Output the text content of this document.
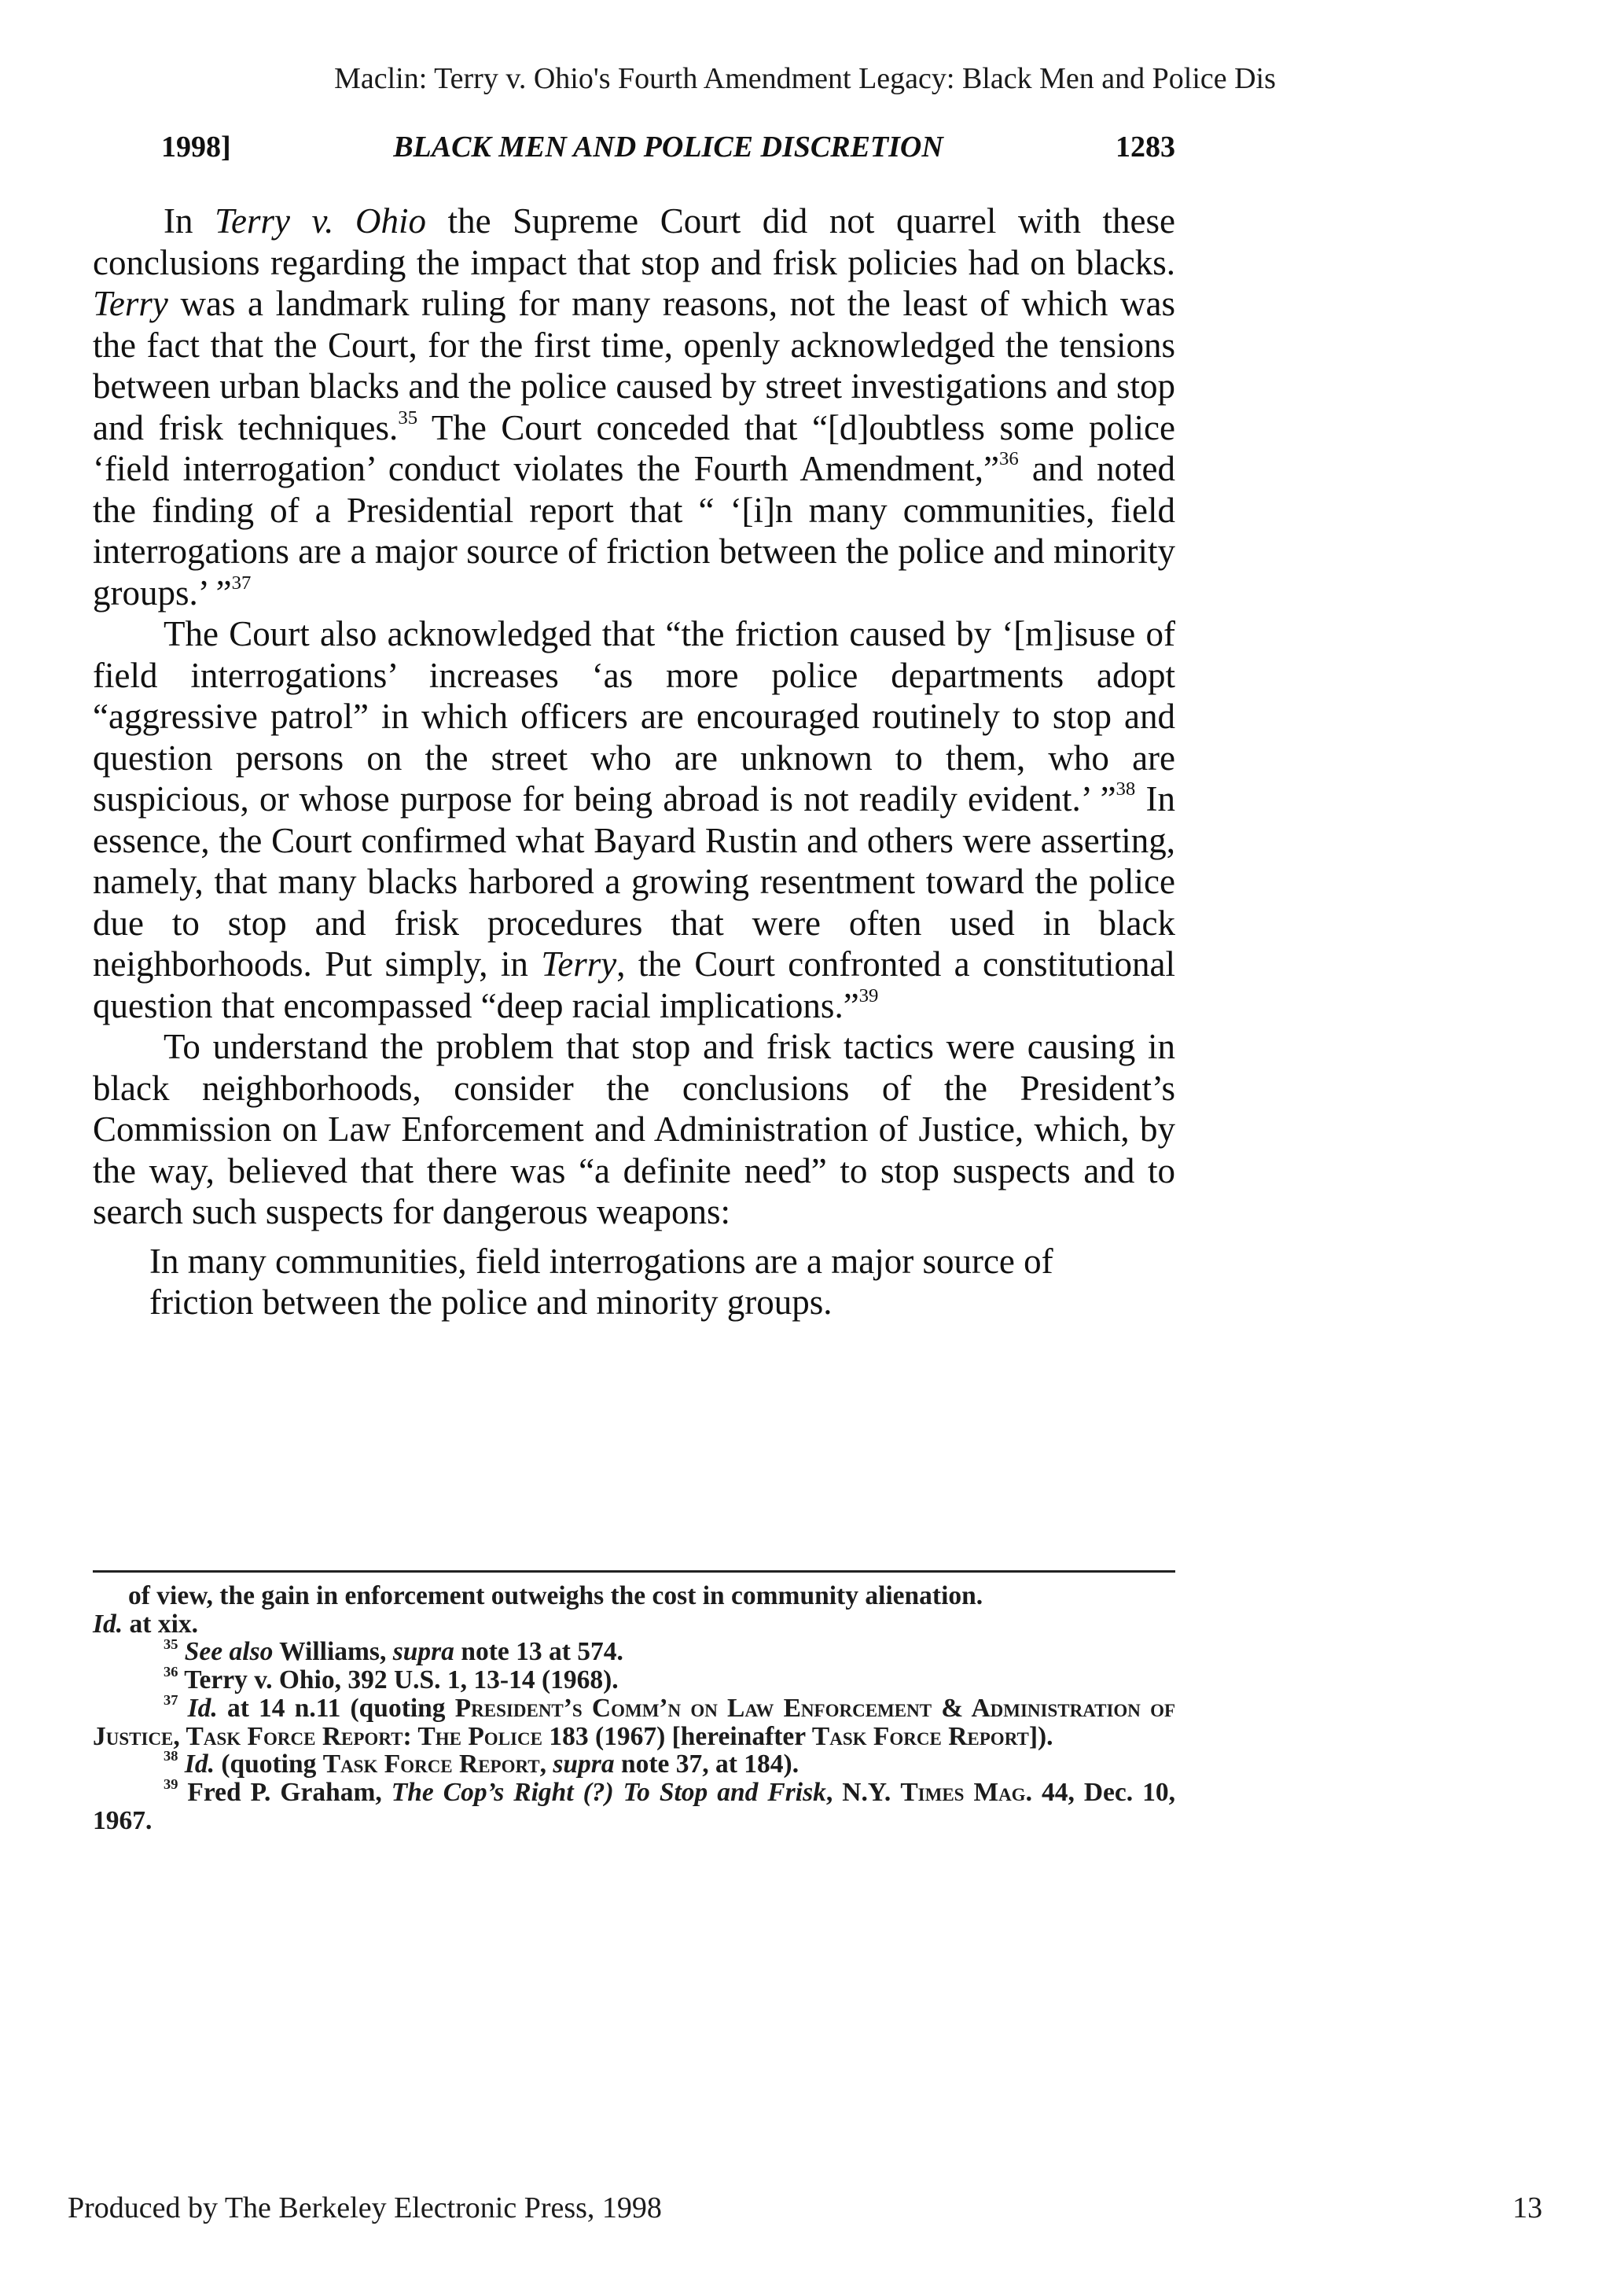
Maclin: Terry v. Ohio's Fourth Amendment Legacy: Black Men and Police Dis
1998]	BLACK MEN AND POLICE DISCRETION	1283

In Terry v. Ohio the Supreme Court did not quarrel with these conclusions regarding the impact that stop and frisk policies had on blacks. Terry was a landmark ruling for many reasons, not the least of which was the fact that the Court, for the first time, openly acknowledged the tensions between urban blacks and the police caused by street investigations and stop and frisk techniques.$^{35}$ The Court conceded that “[d]oubtless some police ‘field interrogation’ conduct violates the Fourth Amendment,”$^{36}$ and noted the finding of a Presidential report that “ ‘[i]n many communities, field interrogations are a major source of friction between the police and minority groups.’ ”$^{37}$

The Court also acknowledged that “the friction caused by ‘[m]isuse of field interrogations’ increases ‘as more police departments adopt “aggressive patrol” in which officers are encouraged routinely to stop and question persons on the street who are unknown to them, who are suspicious, or whose purpose for being abroad is not readily evident.’ ”$^{38}$ In essence, the Court confirmed what Bayard Rustin and others were asserting, namely, that many blacks harbored a growing resentment toward the police due to stop and frisk procedures that were often used in black neighborhoods. Put simply, in Terry, the Court confronted a constitutional question that encompassed “deep racial implications.”$^{39}$

To understand the problem that stop and frisk tactics were causing in black neighborhoods, consider the conclusions of the President’s Commission on Law Enforcement and Administration of Justice, which, by the way, believed that there was “a definite need” to stop suspects and to search such suspects for dangerous weapons:

In many communities, field interrogations are a major source of friction between the police and minority groups.

of view, the gain in enforcement outweighs the cost in community alienation.

Id. at xix.

$^{35}$ See also Williams, supra note 13 at 574.

$^{36}$ Terry v. Ohio, 392 U.S. 1, 13-14 (1968).

$^{37}$ Id. at 14 n.11 (quoting President’s Comm’n on Law Enforcement & Administration of Justice, Task Force Report: The Police 183 (1967) [hereinafter Task Force Report]).

$^{38}$ Id. (quoting Task Force Report, supra note 37, at 184).

$^{39}$ Fred P. Graham, The Cop’s Right (?) To Stop and Frisk, N.Y. Times Mag. 44, Dec. 10, 1967.

Produced by The Berkeley Electronic Press, 1998	13
